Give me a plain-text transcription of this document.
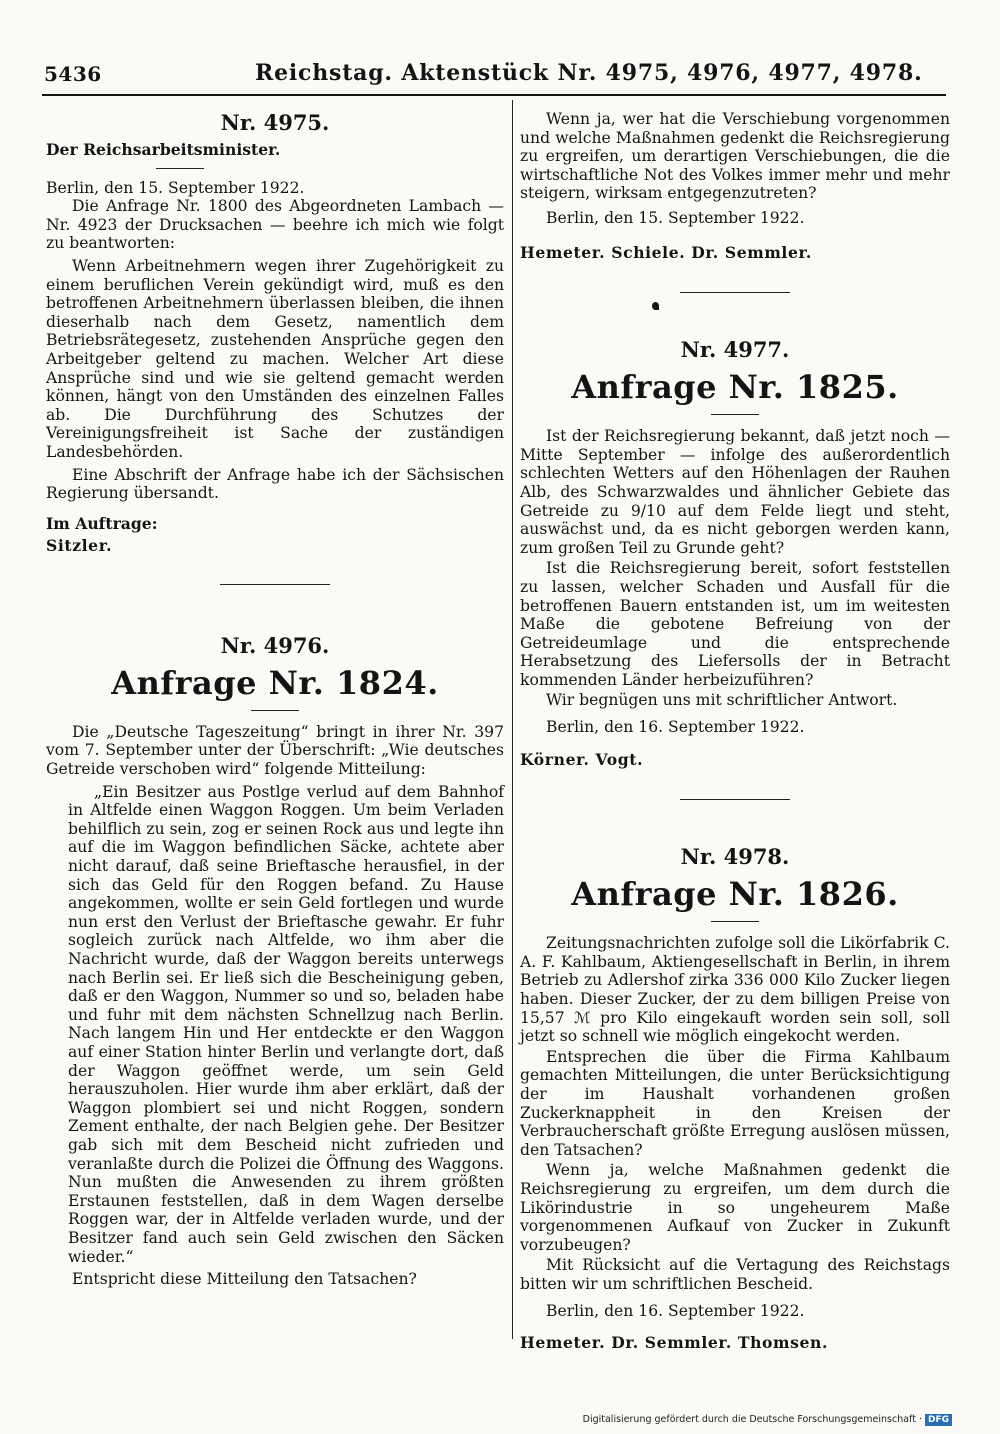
5436	Reichstag. Aktenstück Nr. 4975, 4976, 4977, 4978.
Nr. 4975.

Der Reichsarbeitsminister.

Berlin, den 15. September 1922.

Die Anfrage Nr. 1800 des Abgeordneten Lambach — Nr. 4923 der Drucksachen — beehre ich mich wie folgt zu beantworten:

Wenn Arbeitnehmern wegen ihrer Zugehörigkeit zu einem beruflichen Verein gekündigt wird, muß es den betroffenen Arbeitnehmern überlassen bleiben, die ihnen dieserhalb nach dem Gesetz, namentlich dem Betriebsrätegesetz, zustehenden Ansprüche gegen den Arbeitgeber geltend zu machen. Welcher Art diese Ansprüche sind und wie sie geltend gemacht werden können, hängt von den Umständen des einzelnen Falles ab. Die Durchführung des Schutzes der Vereinigungsfreiheit ist Sache der zuständigen Landesbehörden.

Eine Abschrift der Anfrage habe ich der Sächsischen Regierung übersandt.

Im Auftrage:

Sitzler.

Nr. 4976.
Anfrage Nr. 1824.

Die „Deutsche Tageszeitung“ bringt in ihrer Nr. 397 vom 7. September unter der Überschrift: „Wie deutsches Getreide verschoben wird“ folgende Mitteilung:

„Ein Besitzer aus Postlge verlud auf dem Bahnhof in Altfelde einen Waggon Roggen. Um beim Verladen behilflich zu sein, zog er seinen Rock aus und legte ihn auf die im Waggon befindlichen Säcke, achtete aber nicht darauf, daß seine Brieftasche herausfiel, in der sich das Geld für den Roggen befand. Zu Hause angekommen, wollte er sein Geld fortlegen und wurde nun erst den Verlust der Brieftasche gewahr. Er fuhr sogleich zurück nach Altfelde, wo ihm aber die Nachricht wurde, daß der Waggon bereits unterwegs nach Berlin sei. Er ließ sich die Bescheinigung geben, daß er den Waggon, Nummer so und so, beladen habe und fuhr mit dem nächsten Schnellzug nach Berlin. Nach langem Hin und Her entdeckte er den Waggon auf einer Station hinter Berlin und verlangte dort, daß der Waggon geöffnet werde, um sein Geld herauszuholen. Hier wurde ihm aber erklärt, daß der Waggon plombiert sei und nicht Roggen, sondern Zement enthalte, der nach Belgien gehe. Der Besitzer gab sich mit dem Bescheid nicht zufrieden und veranlaßte durch die Polizei die Öffnung des Waggons. Nun mußten die Anwesenden zu ihrem größten Erstaunen feststellen, daß in dem Wagen derselbe Roggen war, der in Altfelde verladen wurde, und der Besitzer fand auch sein Geld zwischen den Säcken wieder.“

Entspricht diese Mitteilung den Tatsachen?

Wenn ja, wer hat die Verschiebung vorgenommen und welche Maßnahmen gedenkt die Reichsregierung zu ergreifen, um derartigen Verschiebungen, die die wirtschaftliche Not des Volkes immer mehr und mehr steigern, wirksam entgegenzutreten?

Berlin, den 15. September 1922.

Hemeter. Schiele. Dr. Semmler.

Nr. 4977.
Anfrage Nr. 1825.

Ist der Reichsregierung bekannt, daß jetzt noch — Mitte September — infolge des außerordentlich schlechten Wetters auf den Höhenlagen der Rauhen Alb, des Schwarzwaldes und ähnlicher Gebiete das Getreide zu 9/10 auf dem Felde liegt und steht, auswächst und, da es nicht geborgen werden kann, zum großen Teil zu Grunde geht?

Ist die Reichsregierung bereit, sofort feststellen zu lassen, welcher Schaden und Ausfall für die betroffenen Bauern entstanden ist, um im weitesten Maße die gebotene Befreiung von der Getreideumlage und die entsprechende Herabsetzung des Liefersolls der in Betracht kommenden Länder herbeizuführen?

Wir begnügen uns mit schriftlicher Antwort.

Berlin, den 16. September 1922.

Körner. Vogt.

Nr. 4978.
Anfrage Nr. 1826.

Zeitungsnachrichten zufolge soll die Likörfabrik C. A. F. Kahlbaum, Aktiengesellschaft in Berlin, in ihrem Betrieb zu Adlershof zirka 336 000 Kilo Zucker liegen haben. Dieser Zucker, der zu dem billigen Preise von 15,57 ℳ pro Kilo eingekauft worden sein soll, soll jetzt so schnell wie möglich eingekocht werden.

Entsprechen die über die Firma Kahlbaum gemachten Mitteilungen, die unter Berücksichtigung der im Haushalt vorhandenen großen Zuckerknappheit in den Kreisen der Verbraucherschaft größte Erregung auslösen müssen, den Tatsachen?

Wenn ja, welche Maßnahmen gedenkt die Reichsregierung zu ergreifen, um dem durch die Likörindustrie in so ungeheurem Maße vorgenommenen Aufkauf von Zucker in Zukunft vorzubeugen?

Mit Rücksicht auf die Vertagung des Reichstags bitten wir um schriftlichen Bescheid.

Berlin, den 16. September 1922.

Hemeter. Dr. Semmler. Thomsen.

Digitalisierung gefördert durch die Deutsche Forschungsgemeinschaft · DFG
